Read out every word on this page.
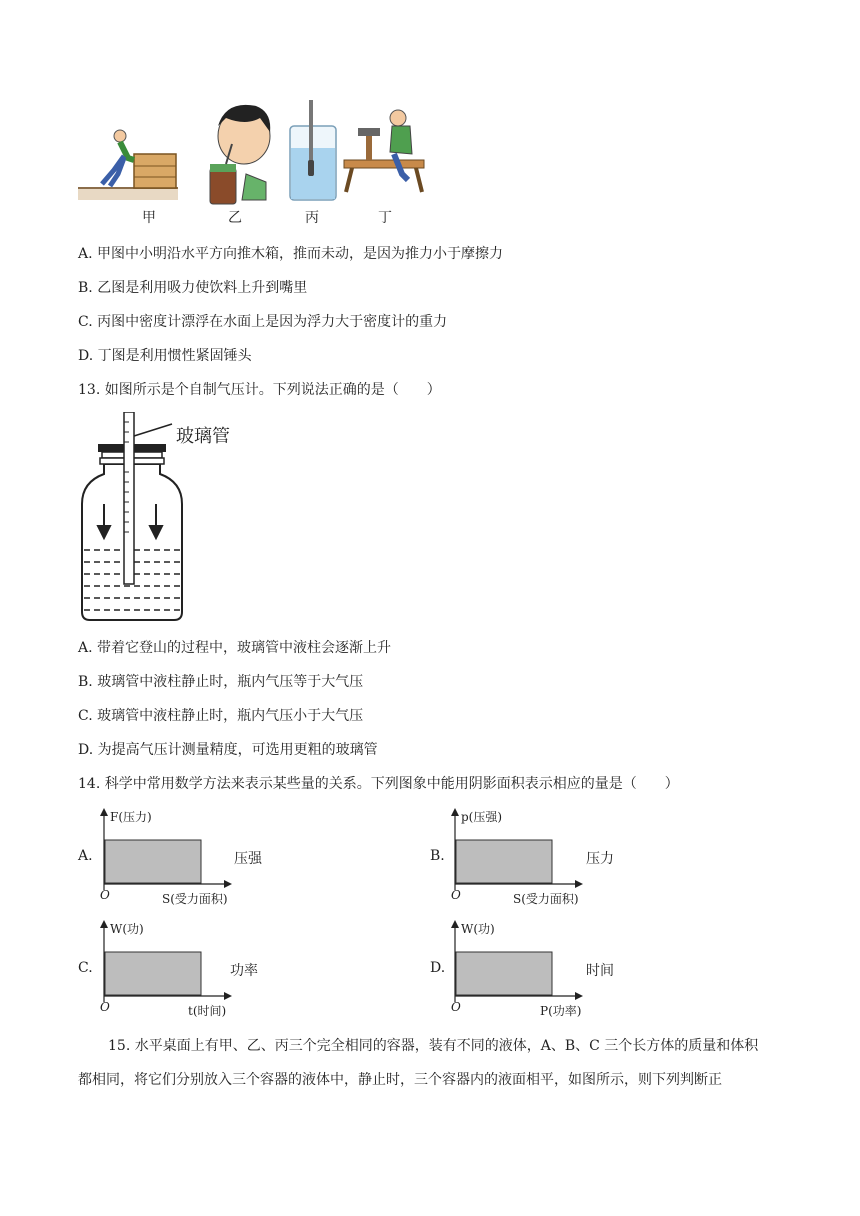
甲	乙	丙	丁
A. 甲图中小明沿水平方向推木箱，推而未动，是因为推力小于摩擦力
B. 乙图是利用吸力使饮料上升到嘴里
C. 丙图中密度计漂浮在水面上是因为浮力大于密度计的重力
D. 丁图是利用惯性紧固锤头
13. 如图所示是个自制气压计。下列说法正确的是（　　）
玻璃管
A. 带着它登山的过程中，玻璃管中液柱会逐渐上升
B. 玻璃管中液柱静止时，瓶内气压等于大气压
C. 玻璃管中液柱静止时，瓶内气压小于大气压
D. 为提高气压计测量精度，可选用更粗的玻璃管
14. 科学中常用数学方法来表示某些量的关系。下列图象中能用阴影面积表示相应的量是（　　）
A.
F(压力)
O	S(受力面积)
压强	B.
p(压强)
O	S(受力面积)
压力
C.
W(功)
O	t(时间)
功率	D.
W(功)
O	P(功率)
时间
15. 水平桌面上有甲、乙、丙三个完全相同的容器，装有不同的液体，A、B、C 三个长方体的质量和体积
都相同，将它们分别放入三个容器的液体中，静止时，三个容器内的液面相平，如图所示，则下列判断正
